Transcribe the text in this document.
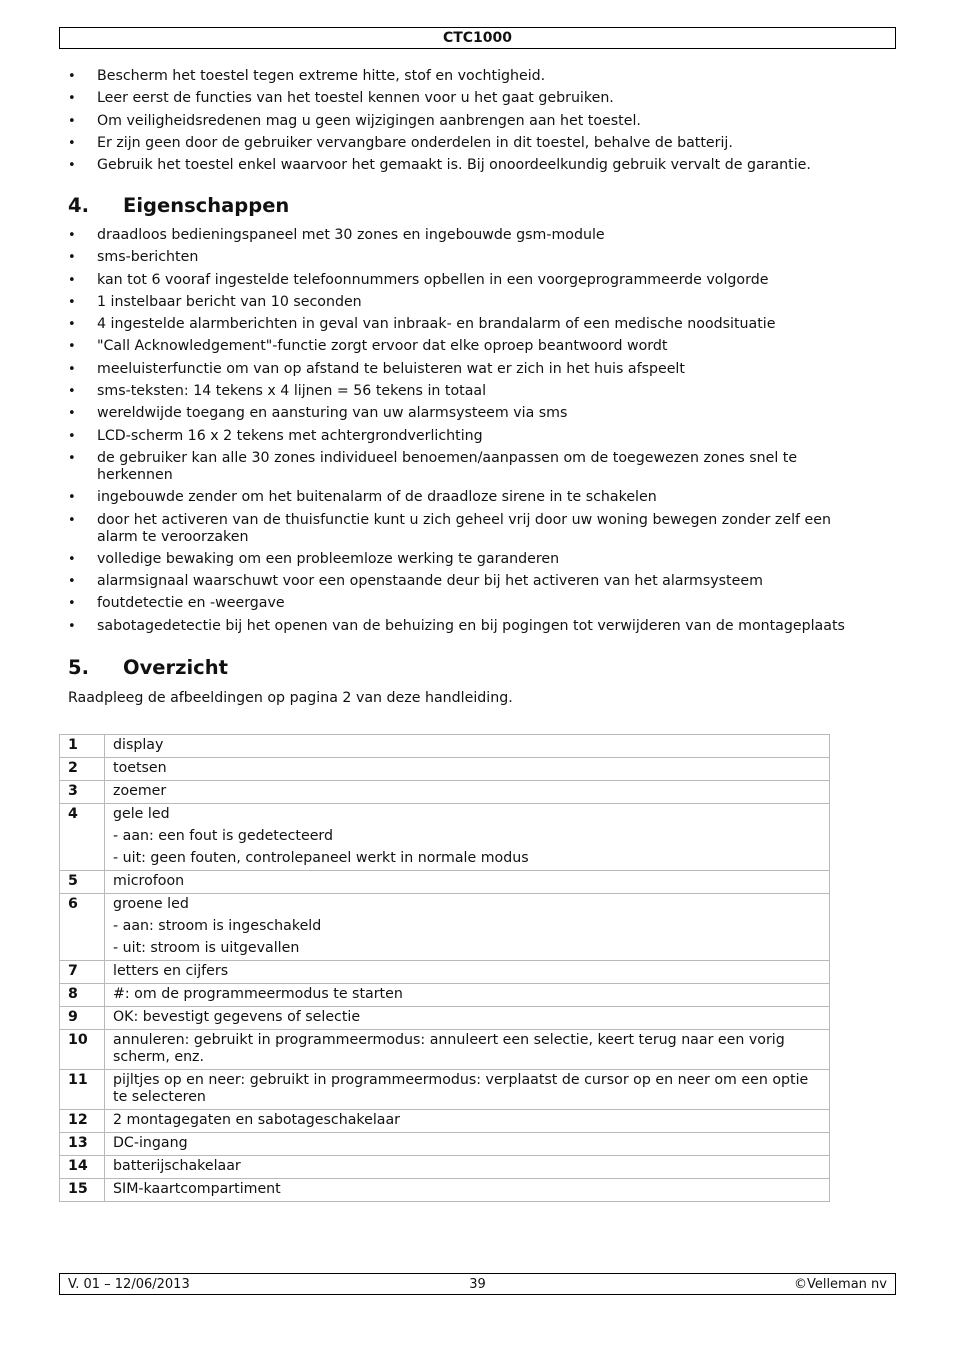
CTC1000
• Bescherm het toestel tegen extreme hitte, stof en vochtigheid.
• Leer eerst de functies van het toestel kennen voor u het gaat gebruiken.
• Om veiligheidsredenen mag u geen wijzigingen aanbrengen aan het toestel.
• Er zijn geen door de gebruiker vervangbare onderdelen in dit toestel, behalve de batterij.
• Gebruik het toestel enkel waarvoor het gemaakt is. Bij onoordeelkundig gebruik vervalt de garantie.
4. Eigenschappen
• draadloos bedieningspaneel met 30 zones en ingebouwde gsm-module
• sms-berichten
• kan tot 6 vooraf ingestelde telefoonnummers opbellen in een voorgeprogrammeerde volgorde
• 1 instelbaar bericht van 10 seconden
• 4 ingestelde alarmberichten in geval van inbraak- en brandalarm of een medische noodsituatie
• "Call Acknowledgement"-functie zorgt ervoor dat elke oproep beantwoord wordt
• meeluisterfunctie om van op afstand te beluisteren wat er zich in het huis afspeelt
• sms-teksten: 14 tekens x 4 lijnen = 56 tekens in totaal
• wereldwijde toegang en aansturing van uw alarmsysteem via sms
• LCD-scherm 16 x 2 tekens met achtergrondverlichting
• de gebruiker kan alle 30 zones individueel benoemen/aanpassen om de toegewezen zones snel te herkennen
• ingebouwde zender om het buitenalarm of de draadloze sirene in te schakelen
• door het activeren van de thuisfunctie kunt u zich geheel vrij door uw woning bewegen zonder zelf een alarm te veroorzaken
• volledige bewaking om een probleemloze werking te garanderen
• alarmsignaal waarschuwt voor een openstaande deur bij het activeren van het alarmsysteem
• foutdetectie en -weergave
• sabotagedetectie bij het openen van de behuizing en bij pogingen tot verwijderen van de montageplaats
5. Overzicht
Raadpleeg de afbeeldingen op pagina 2 van deze handleiding.
1	display
2	toetsen
3	zoemer
4	gele led
- aan: een fout is gedetecteerd
- uit: geen fouten, controlepaneel werkt in normale modus

5	microfoon
6	groene led
- aan: stroom is ingeschakeld
- uit: stroom is uitgevallen

7	letters en cijfers
8	#: om de programmeermodus te starten
9	OK: bevestigt gegevens of selectie
10	annuleren: gebruikt in programmeermodus: annuleert een selectie, keert terug naar een vorig scherm, enz.
11	pijltjes op en neer: gebruikt in programmeermodus: verplaatst de cursor op en neer om een optie te selecteren
12	2 montagegaten en sabotageschakelaar
13	DC-ingang
14	batterijschakelaar
15	SIM-kaartcompartiment
V. 01 – 12/06/2013	39	©Velleman nv
